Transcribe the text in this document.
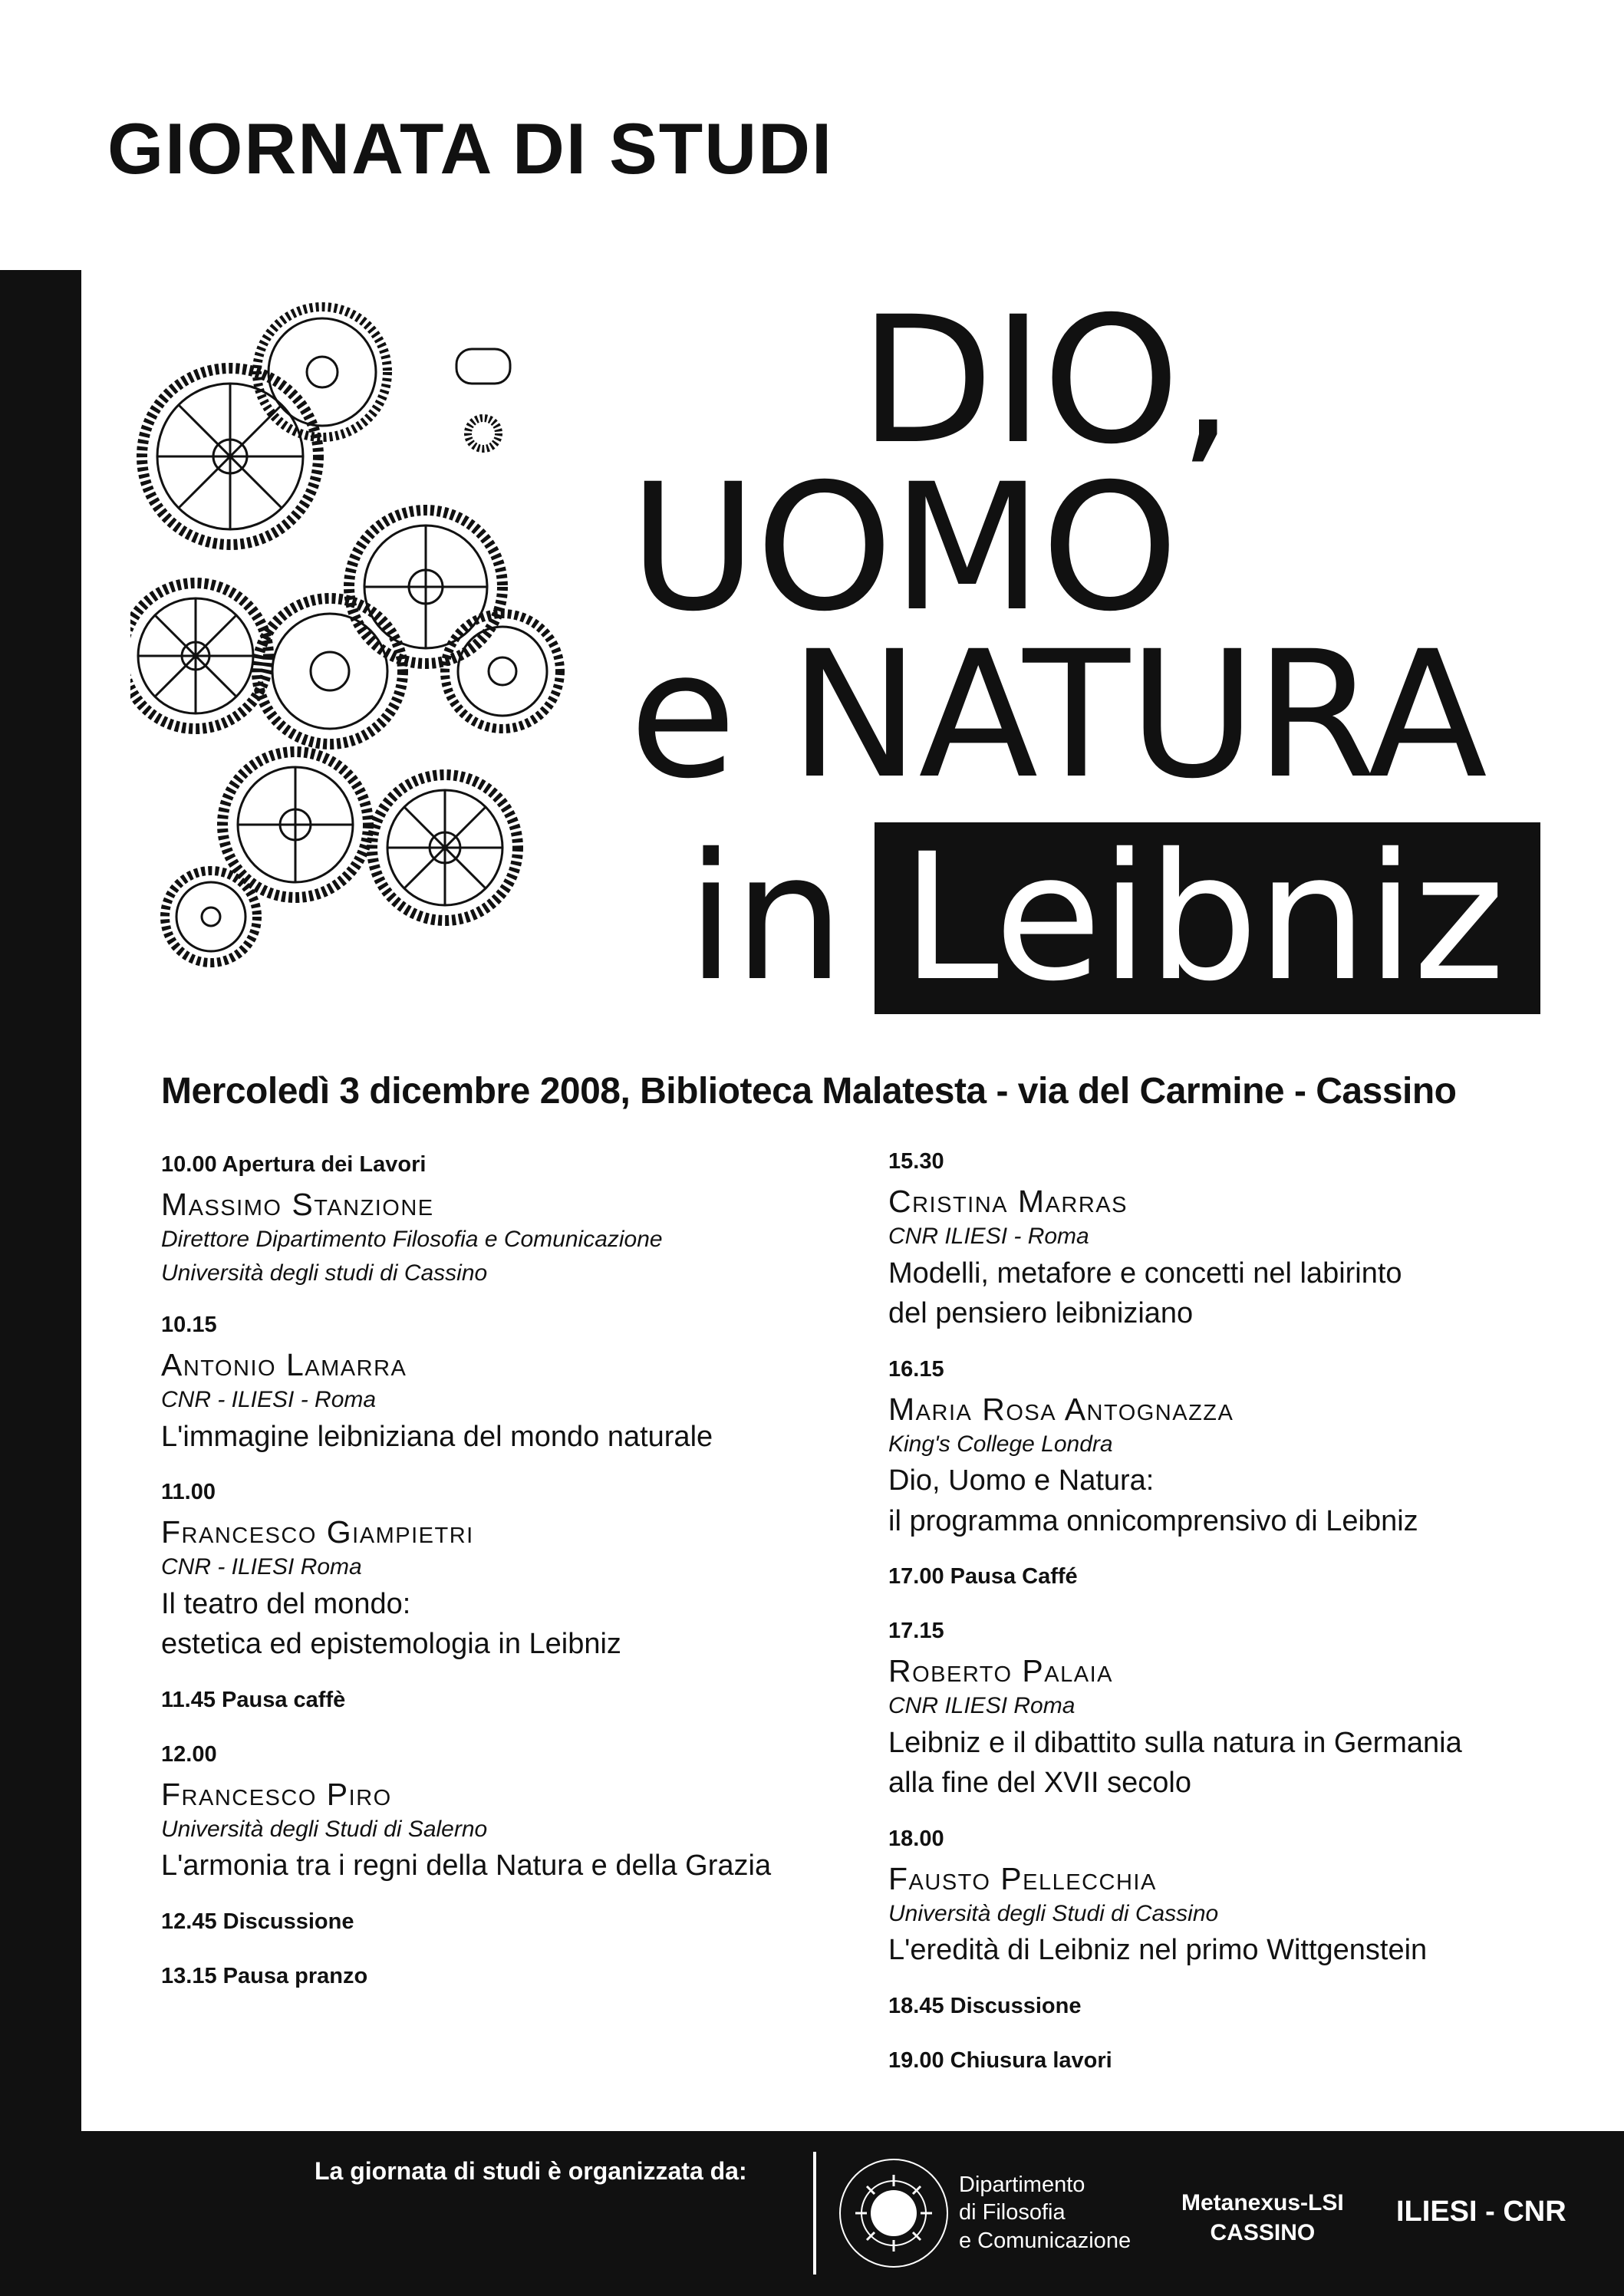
GIORNATA DI STUDI
DIO,
UOMO
e NATURA
in Leibniz
Mercoledì 3 dicembre 2008, Biblioteca Malatesta - via del Carmine - Cassino
10.00 Apertura dei Lavori
Massimo Stanzione
Direttore Dipartimento Filosofia e Comunicazione
Università degli studi di Cassino
10.15
Antonio Lamarra
CNR - ILIESI - Roma
L'immagine leibniziana del mondo naturale
11.00
Francesco Giampietri
CNR - ILIESI Roma
Il teatro del mondo:
estetica ed epistemologia in Leibniz
11.45 Pausa caffè
12.00
Francesco Piro
Università degli Studi di Salerno
L'armonia tra i regni della Natura e della Grazia
12.45 Discussione
13.15 Pausa pranzo
15.30
Cristina Marras
CNR ILIESI - Roma
Modelli, metafore e concetti nel labirinto
del pensiero leibniziano
16.15
Maria Rosa Antognazza
King's College Londra
Dio, Uomo e Natura:
il programma onnicomprensivo di Leibniz
17.00 Pausa Caffé
17.15
Roberto Palaia
CNR ILIESI Roma
Leibniz e il dibattito sulla natura in Germania
alla fine del XVII secolo
18.00
Fausto Pellecchia
Università degli Studi di Cassino
L'eredità di Leibniz nel primo Wittgenstein
18.45 Discussione
19.00 Chiusura lavori
La giornata di studi è organizzata da:	Dipartimento
di Filosofia
e Comunicazione
Metanexus-LSI
CASSINO
ILIESI - CNR
